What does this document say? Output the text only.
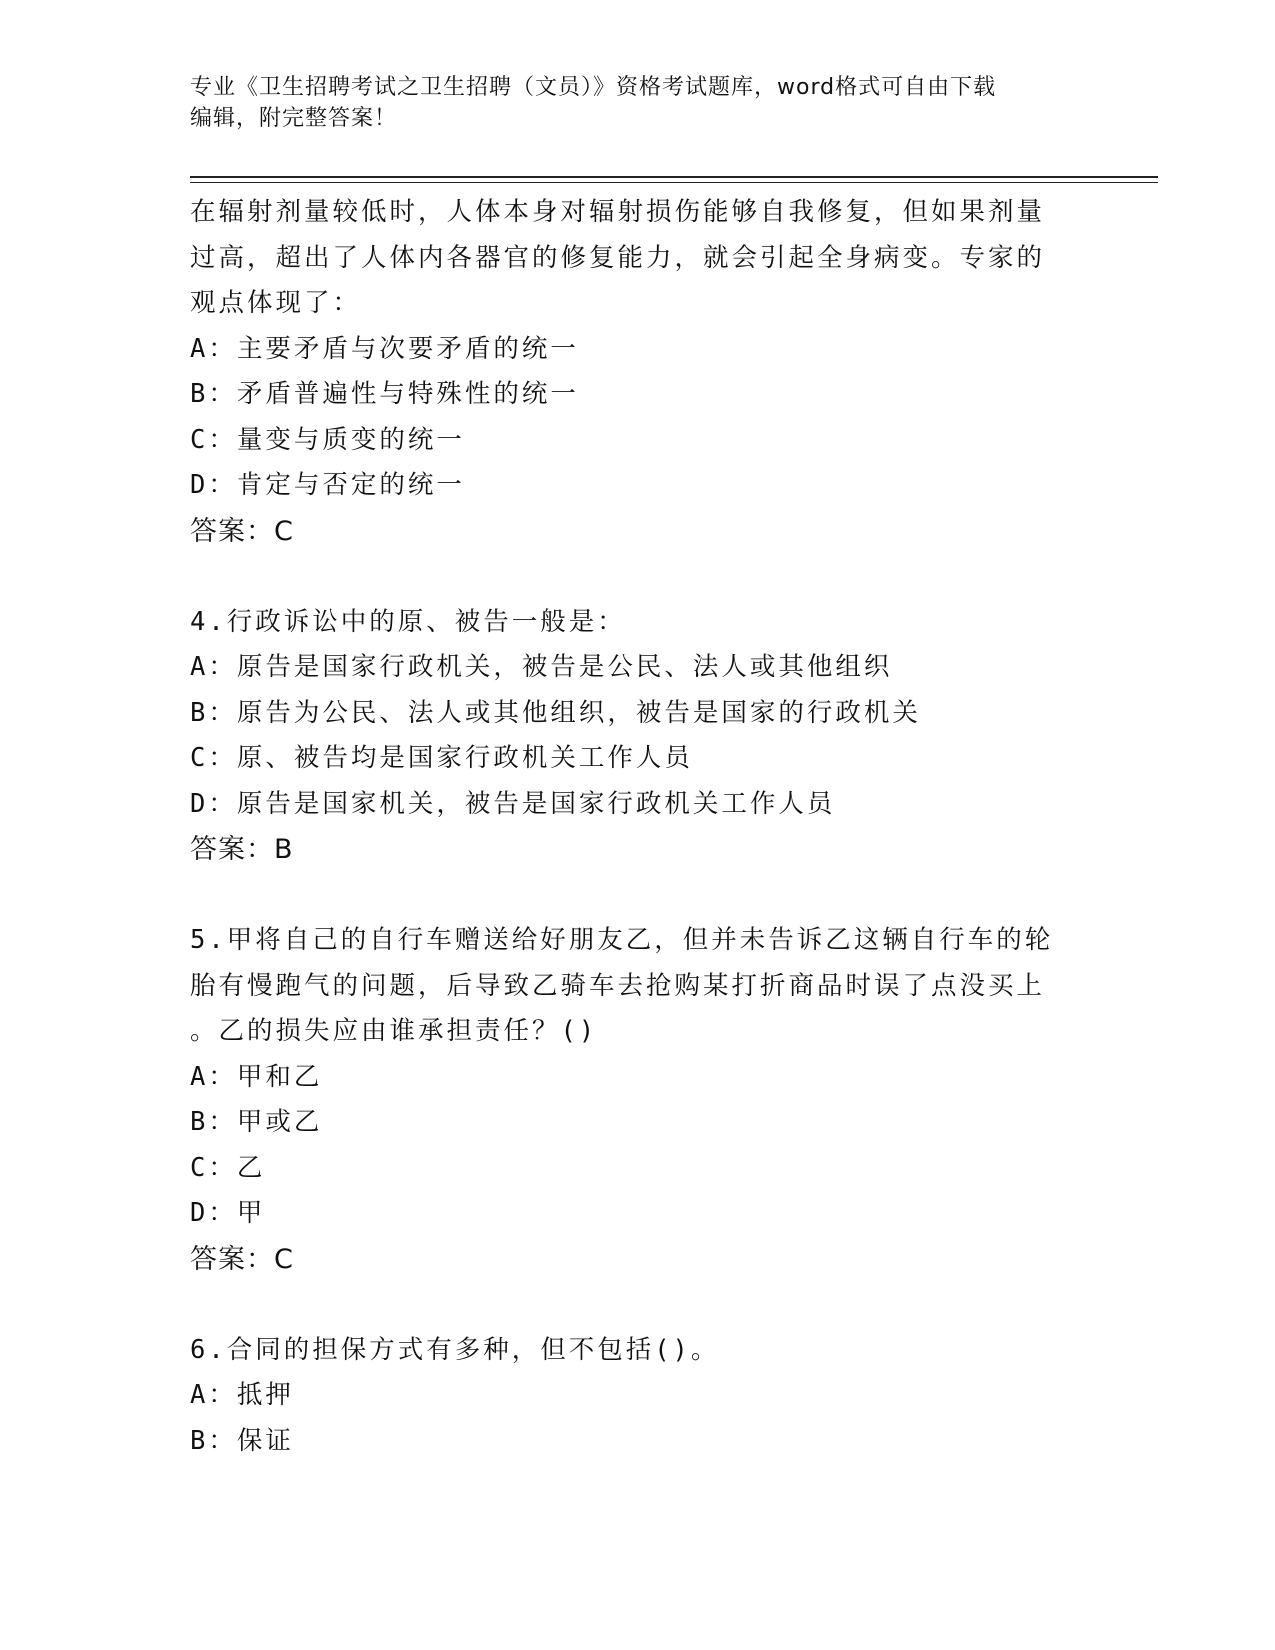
专业《卫生招聘考试之卫生招聘（文员）》资格考试题库，word格式可自由下载
编辑，附完整答案！
在辐射剂量较低时，人体本身对辐射损伤能够自我修复，但如果剂量
过高，超出了人体内各器官的修复能力，就会引起全身病变。专家的
观点体现了：
A：主要矛盾与次要矛盾的统一
B：矛盾普遍性与特殊性的统一
C：量变与质变的统一
D：肯定与否定的统一
答案：C
4.行政诉讼中的原、被告一般是：
A：原告是国家行政机关，被告是公民、法人或其他组织
B：原告为公民、法人或其他组织，被告是国家的行政机关
C：原、被告均是国家行政机关工作人员
D：原告是国家机关，被告是国家行政机关工作人员
答案：B
5.甲将自己的自行车赠送给好朋友乙，但并未告诉乙这辆自行车的轮
胎有慢跑气的问题，后导致乙骑车去抢购某打折商品时误了点没买上
。乙的损失应由谁承担责任？()
A：甲和乙
B：甲或乙
C：乙
D：甲
答案：C
6.合同的担保方式有多种，但不包括()。
A：抵押
B：保证
